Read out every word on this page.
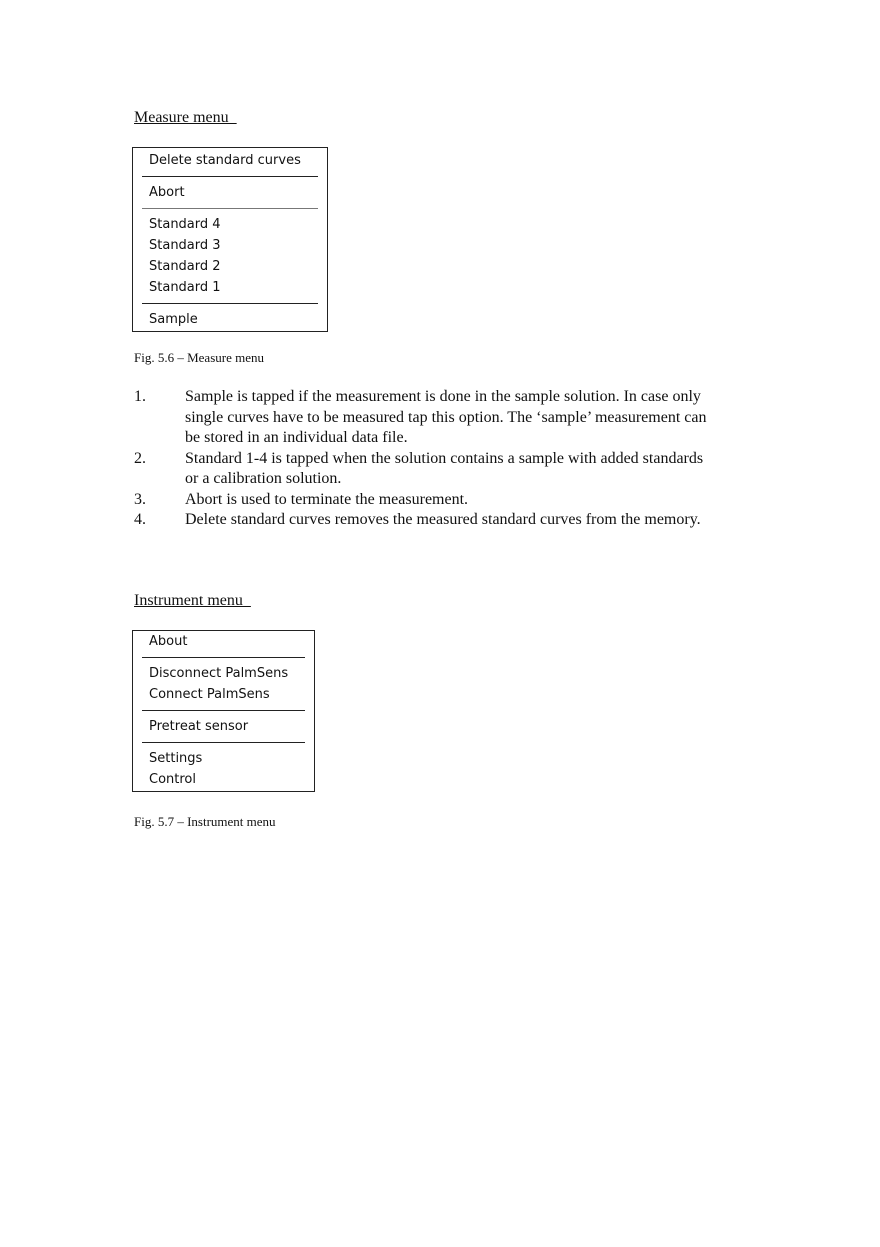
Measure menu
Delete standard curves
Abort
Standard 4
Standard 3
Standard 2
Standard 1
Sample
Fig. 5.6 – Measure menu
1.	Sample is tapped if the measurement is done in the sample solution. In case only single curves have to be measured tap this option. The ‘sample’ measurement can be stored in an individual data file.
2.	Standard 1-4 is tapped when the solution contains a sample with added standards or a calibration solution.
3.	Abort is used to terminate the measurement.
4.	Delete standard curves removes the measured standard curves from the memory.
Instrument menu
About
Disconnect PalmSens
Connect PalmSens
Pretreat sensor
Settings
Control
Fig. 5.7 – Instrument menu
